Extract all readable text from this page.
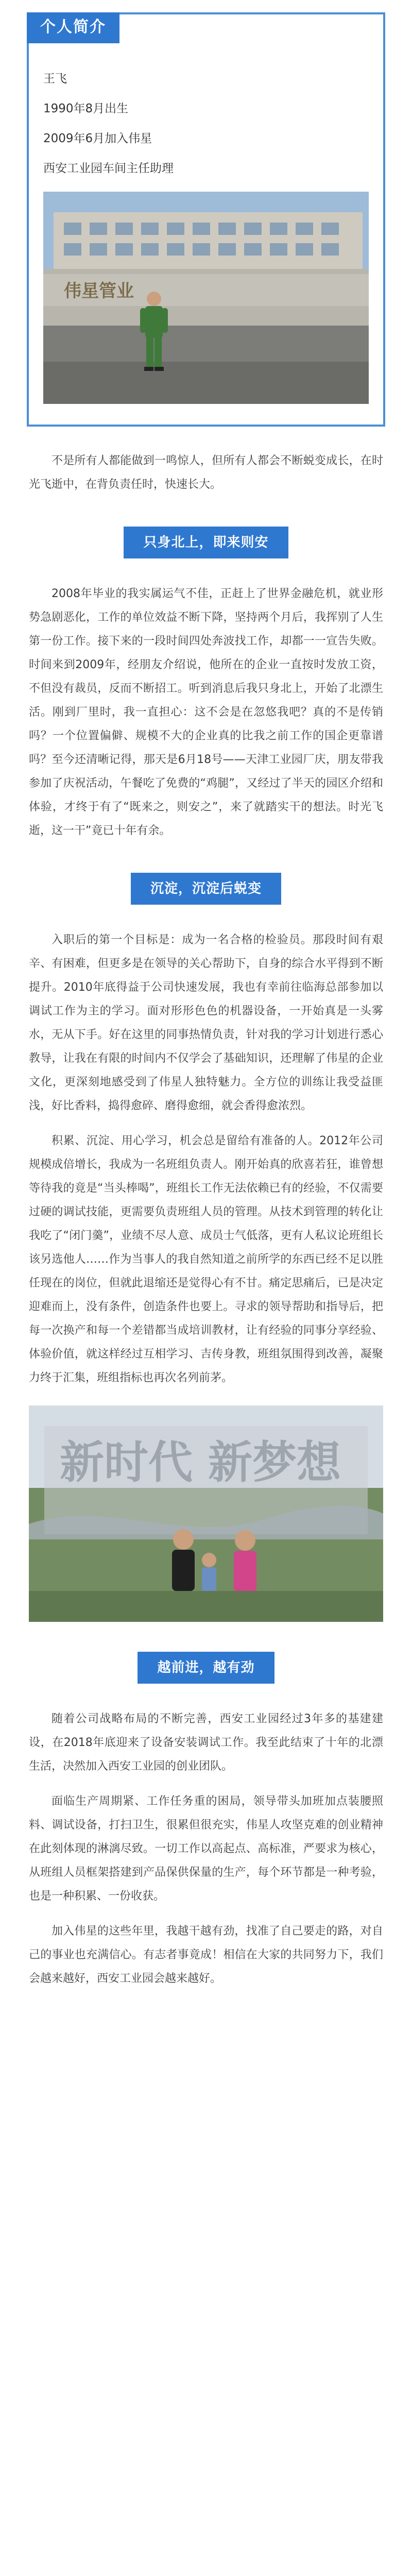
个人简介
王飞
1990年8月出生
2009年6月加入伟星
西安工业园车间主任助理
伟星管业

不是所有人都能做到一鸣惊人，但所有人都会不断蜕变成长，在时光飞逝中，在背负责任时，快速长大。

只身北上，即来则安

2008年毕业的我实属运气不佳，正赶上了世界金融危机，就业形势急剧恶化，工作的单位效益不断下降，坚持两个月后，我挥别了人生第一份工作。接下来的一段时间四处奔波找工作，却都一一宣告失败。时间来到2009年，经朋友介绍说，他所在的企业一直按时发放工资，不但没有裁员，反而不断招工。听到消息后我只身北上，开始了北漂生活。刚到厂里时，我一直担心：这不会是在忽悠我吧？真的不是传销吗？一个位置偏僻、规模不大的企业真的比我之前工作的国企更靠谱吗？至今还清晰记得，那天是6月18号——天津工业园厂庆，朋友带我参加了庆祝活动，午餐吃了免费的“鸡腿”，又经过了半天的园区介绍和体验，才终于有了“既来之，则安之”，来了就踏实干的想法。时光飞逝，这一干”竟已十年有余。

沉淀，沉淀后蜕变

入职后的第一个目标是：成为一名合格的检验员。那段时间有艰辛、有困难，但更多是在领导的关心帮助下，自身的综合水平得到不断提升。2010年底得益于公司快速发展，我也有幸前往临海总部参加以调试工作为主的学习。面对形形色色的机器设备，一开始真是一头雾水，无从下手。好在这里的同事热情负责，针对我的学习计划进行悉心教导，让我在有限的时间内不仅学会了基础知识，还理解了伟星的企业文化，更深刻地感受到了伟星人独特魅力。全方位的训练让我受益匪浅，好比香料，捣得愈碎、磨得愈细，就会香得愈浓烈。

积累、沉淀、用心学习，机会总是留给有准备的人。2012年公司规模成倍增长，我成为一名班组负责人。刚开始真的欣喜若狂，谁曾想等待我的竟是“当头棒喝”，班组长工作无法依赖已有的经验，不仅需要过硬的调试技能，更需要负责班组人员的管理。从技术到管理的转化让我吃了“闭门羹”，业绩不尽人意、成员士气低落，更有人私议论班组长该另选他人……作为当事人的我自然知道之前所学的东西已经不足以胜任现在的岗位，但就此退缩还是觉得心有不甘。痛定思痛后，已是决定迎难而上，没有条件，创造条件也要上。寻求的领导帮助和指导后，把每一次换产和每一个差错都当成培训教材，让有经验的同事分享经验、体验价值，就这样经过互相学习、吉传身教，班组氛围得到改善，凝聚力终于汇集，班组指标也再次名列前茅。

新时代 新梦想
越前进，越有劲

随着公司战略布局的不断完善，西安工业园经过3年多的基建建设，在2018年底迎来了设备安装调试工作。我至此结束了十年的北漂生活，决然加入西安工业园的创业团队。

面临生产周期紧、工作任务重的困局，领导带头加班加点装腰照料、调试设备，打扫卫生，很累但很充实，伟星人攻坚克难的创业精神在此刻体现的淋漓尽致。一切工作以高起点、高标准，严要求为核心，从班组人员框架搭建到产品保供保量的生产，每个环节都是一种考验，也是一种积累、一份收获。

加入伟星的这些年里，我越干越有劲，找准了自己要走的路，对自己的事业也充满信心。有志者事竟成！相信在大家的共同努力下，我们会越来越好，西安工业园会越来越好。
